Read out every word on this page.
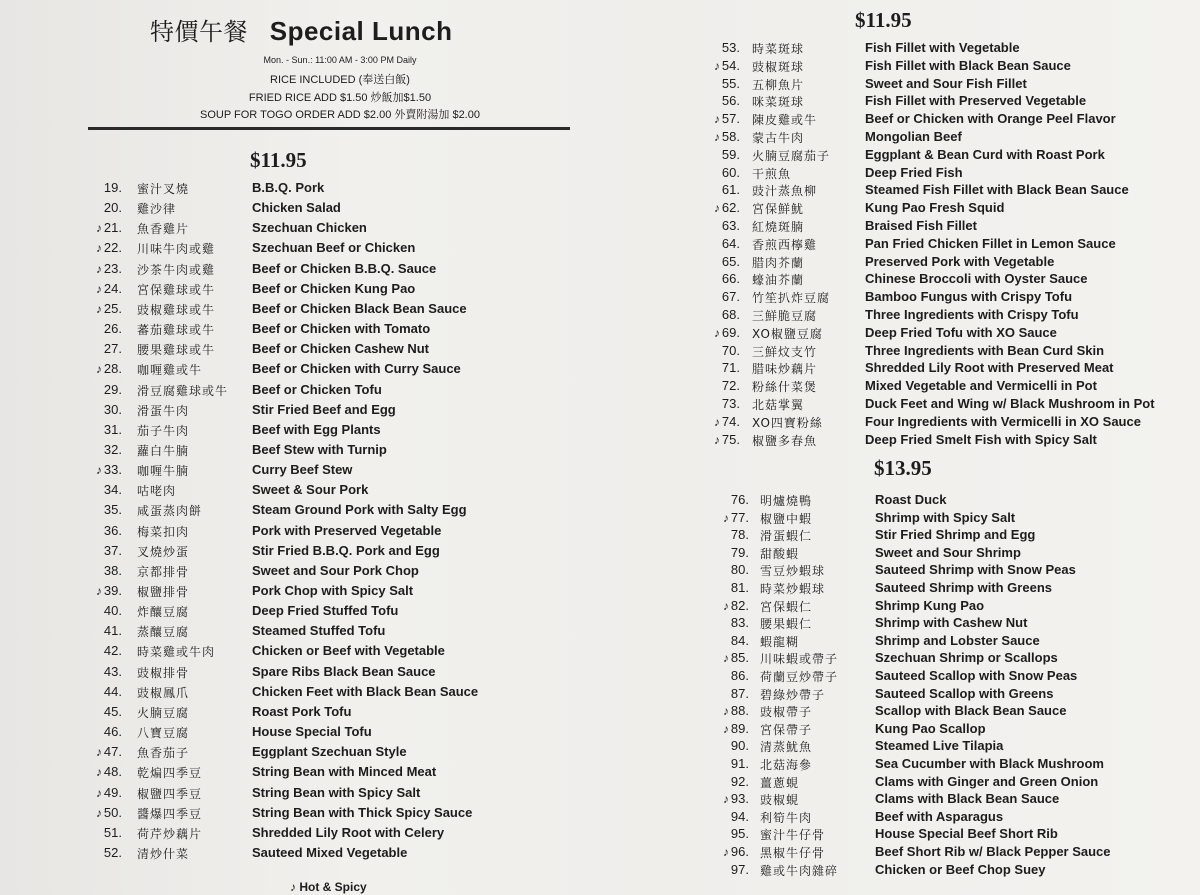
特價午餐 Special Lunch
Mon. - Sun.: 11:00 AM - 3:00 PM Daily
RICE INCLUDED (奉送白飯)
FRIED RICE ADD $1.50 炒飯加$1.50
SOUP FOR TOGO ORDER ADD $2.00 外賣附湯加 $2.00
$11.95
19. 蜜汁叉燒	B.B.Q. Pork
20. 雞沙律	Chicken Salad
♪ 21. 魚香雞片	Szechuan Chicken
♪ 22. 川味牛肉或雞	Szechuan Beef or Chicken
♪ 23. 沙茶牛肉或雞	Beef or Chicken B.B.Q. Sauce
♪ 24. 宮保雞球或牛	Beef or Chicken Kung Pao
♪ 25. 豉椒雞球或牛	Beef or Chicken Black Bean Sauce
26. 蕃茄雞球或牛	Beef or Chicken with Tomato
27. 腰果雞球或牛	Beef or Chicken Cashew Nut
♪ 28. 咖喱雞或牛	Beef or Chicken with Curry Sauce
29. 滑豆腐雞球或牛 Beef or Chicken Tofu
30. 滑蛋牛肉	Stir Fried Beef and Egg
31. 茄子牛肉	Beef with Egg Plants
32. 蘿白牛腩	Beef Stew with Turnip
♪ 33. 咖喱牛腩	Curry Beef Stew
34. 咕咾肉	Sweet & Sour Pork
35. 咸蛋蒸肉餅	Steam Ground Pork with Salty Egg
36. 梅菜扣肉	Pork with Preserved Vegetable
37. 叉燒炒蛋	Stir Fried B.B.Q. Pork and Egg
38. 京都排骨	Sweet and Sour Pork Chop
♪ 39. 椒鹽排骨	Pork Chop with Spicy Salt
40. 炸釀豆腐	Deep Fried Stuffed Tofu
41. 蒸釀豆腐	Steamed Stuffed Tofu
42. 時菜雞或牛肉	Chicken or Beef with Vegetable
43. 豉椒排骨	Spare Ribs Black Bean Sauce
44. 豉椒鳳爪	Chicken Feet with Black Bean Sauce
45. 火腩豆腐	Roast Pork Tofu
46. 八寶豆腐	House Special Tofu
♪ 47. 魚香茄子	Eggplant Szechuan Style
♪ 48. 乾煸四季豆	String Bean with Minced Meat
♪ 49. 椒鹽四季豆	String Bean with Spicy Salt
♪ 50. 醬爆四季豆	String Bean with Thick Spicy Sauce
51. 荷芹炒藕片	Shredded Lily Root with Celery
52. 清炒什菜	Sauteed Mixed Vegetable
$11.95
53. 時菜斑球	Fish Fillet with Vegetable
♪ 54. 豉椒斑球	Fish Fillet with Black Bean Sauce
55. 五柳魚片	Sweet and Sour Fish Fillet
56. 咪菜斑球	Fish Fillet with Preserved Vegetable
♪ 57. 陳皮雞或牛	Beef or Chicken with Orange Peel Flavor
♪ 58. 蒙古牛肉	Mongolian Beef
59. 火腩豆腐茄子	Eggplant & Bean Curd with Roast Pork
60. 干煎魚	Deep Fried Fish
61. 豉汁蒸魚柳	Steamed Fish Fillet with Black Bean Sauce
♪ 62. 宮保鮮魷	Kung Pao Fresh Squid
63. 紅燒斑腩	Braised Fish Fillet
64. 香煎西檸雞	Pan Fried Chicken Fillet in Lemon Sauce
65. 腊肉芥蘭	Preserved Pork with Vegetable
66. 蠔油芥蘭	Chinese Broccoli with Oyster Sauce
67. 竹笙扒炸豆腐	Bamboo Fungus with Crispy Tofu
68. 三鮮脆豆腐	Three Ingredients with Crispy Tofu
♪ 69. XO椒鹽豆腐	Deep Fried Tofu with XO Sauce
70. 三鮮炆支竹	Three Ingredients with Bean Curd Skin
71. 腊味炒藕片	Shredded Lily Root with Preserved Meat
72. 粉絲什菜煲	Mixed Vegetable and Vermicelli in Pot
73. 北菇掌翼	Duck Feet and Wing w/ Black Mushroom in Pot
♪ 74. XO四寶粉絲	Four Ingredients with Vermicelli in XO Sauce
♪ 75. 椒鹽多春魚	Deep Fried Smelt Fish with Spicy Salt
$13.95
76. 明爐燒鴨	Roast Duck
♪ 77. 椒鹽中蝦	Shrimp with Spicy Salt
78. 滑蛋蝦仁	Stir Fried Shrimp and Egg
79. 甜酸蝦	Sweet and Sour Shrimp
80. 雪豆炒蝦球	Sauteed Shrimp with Snow Peas
81. 時菜炒蝦球	Sauteed Shrimp with Greens
♪ 82. 宮保蝦仁	Shrimp Kung Pao
83. 腰果蝦仁	Shrimp with Cashew Nut
84. 蝦龍糊	Shrimp and Lobster Sauce
♪ 85. 川味蝦或帶子	Szechuan Shrimp or Scallops
86. 荷蘭豆炒帶子	Sauteed Scallop with Snow Peas
87. 碧綠炒帶子	Sauteed Scallop with Greens
♪ 88. 豉椒帶子	Scallop with Black Bean Sauce
♪ 89. 宮保帶子	Kung Pao Scallop
90. 清蒸魷魚	Steamed Live Tilapia
91. 北菇海參	Sea Cucumber with Black Mushroom
92. 薑蔥蜆	Clams with Ginger and Green Onion
♪ 93. 豉椒蜆	Clams with Black Bean Sauce
94. 利筍牛肉	Beef with Asparagus
95. 蜜汁牛仔骨	House Special Beef Short Rib
♪ 96. 黑椒牛仔骨	Beef Short Rib w/ Black Pepper Sauce
97. 雞或牛肉雜碎	Chicken or Beef Chop Suey
♪ Hot & Spicy
